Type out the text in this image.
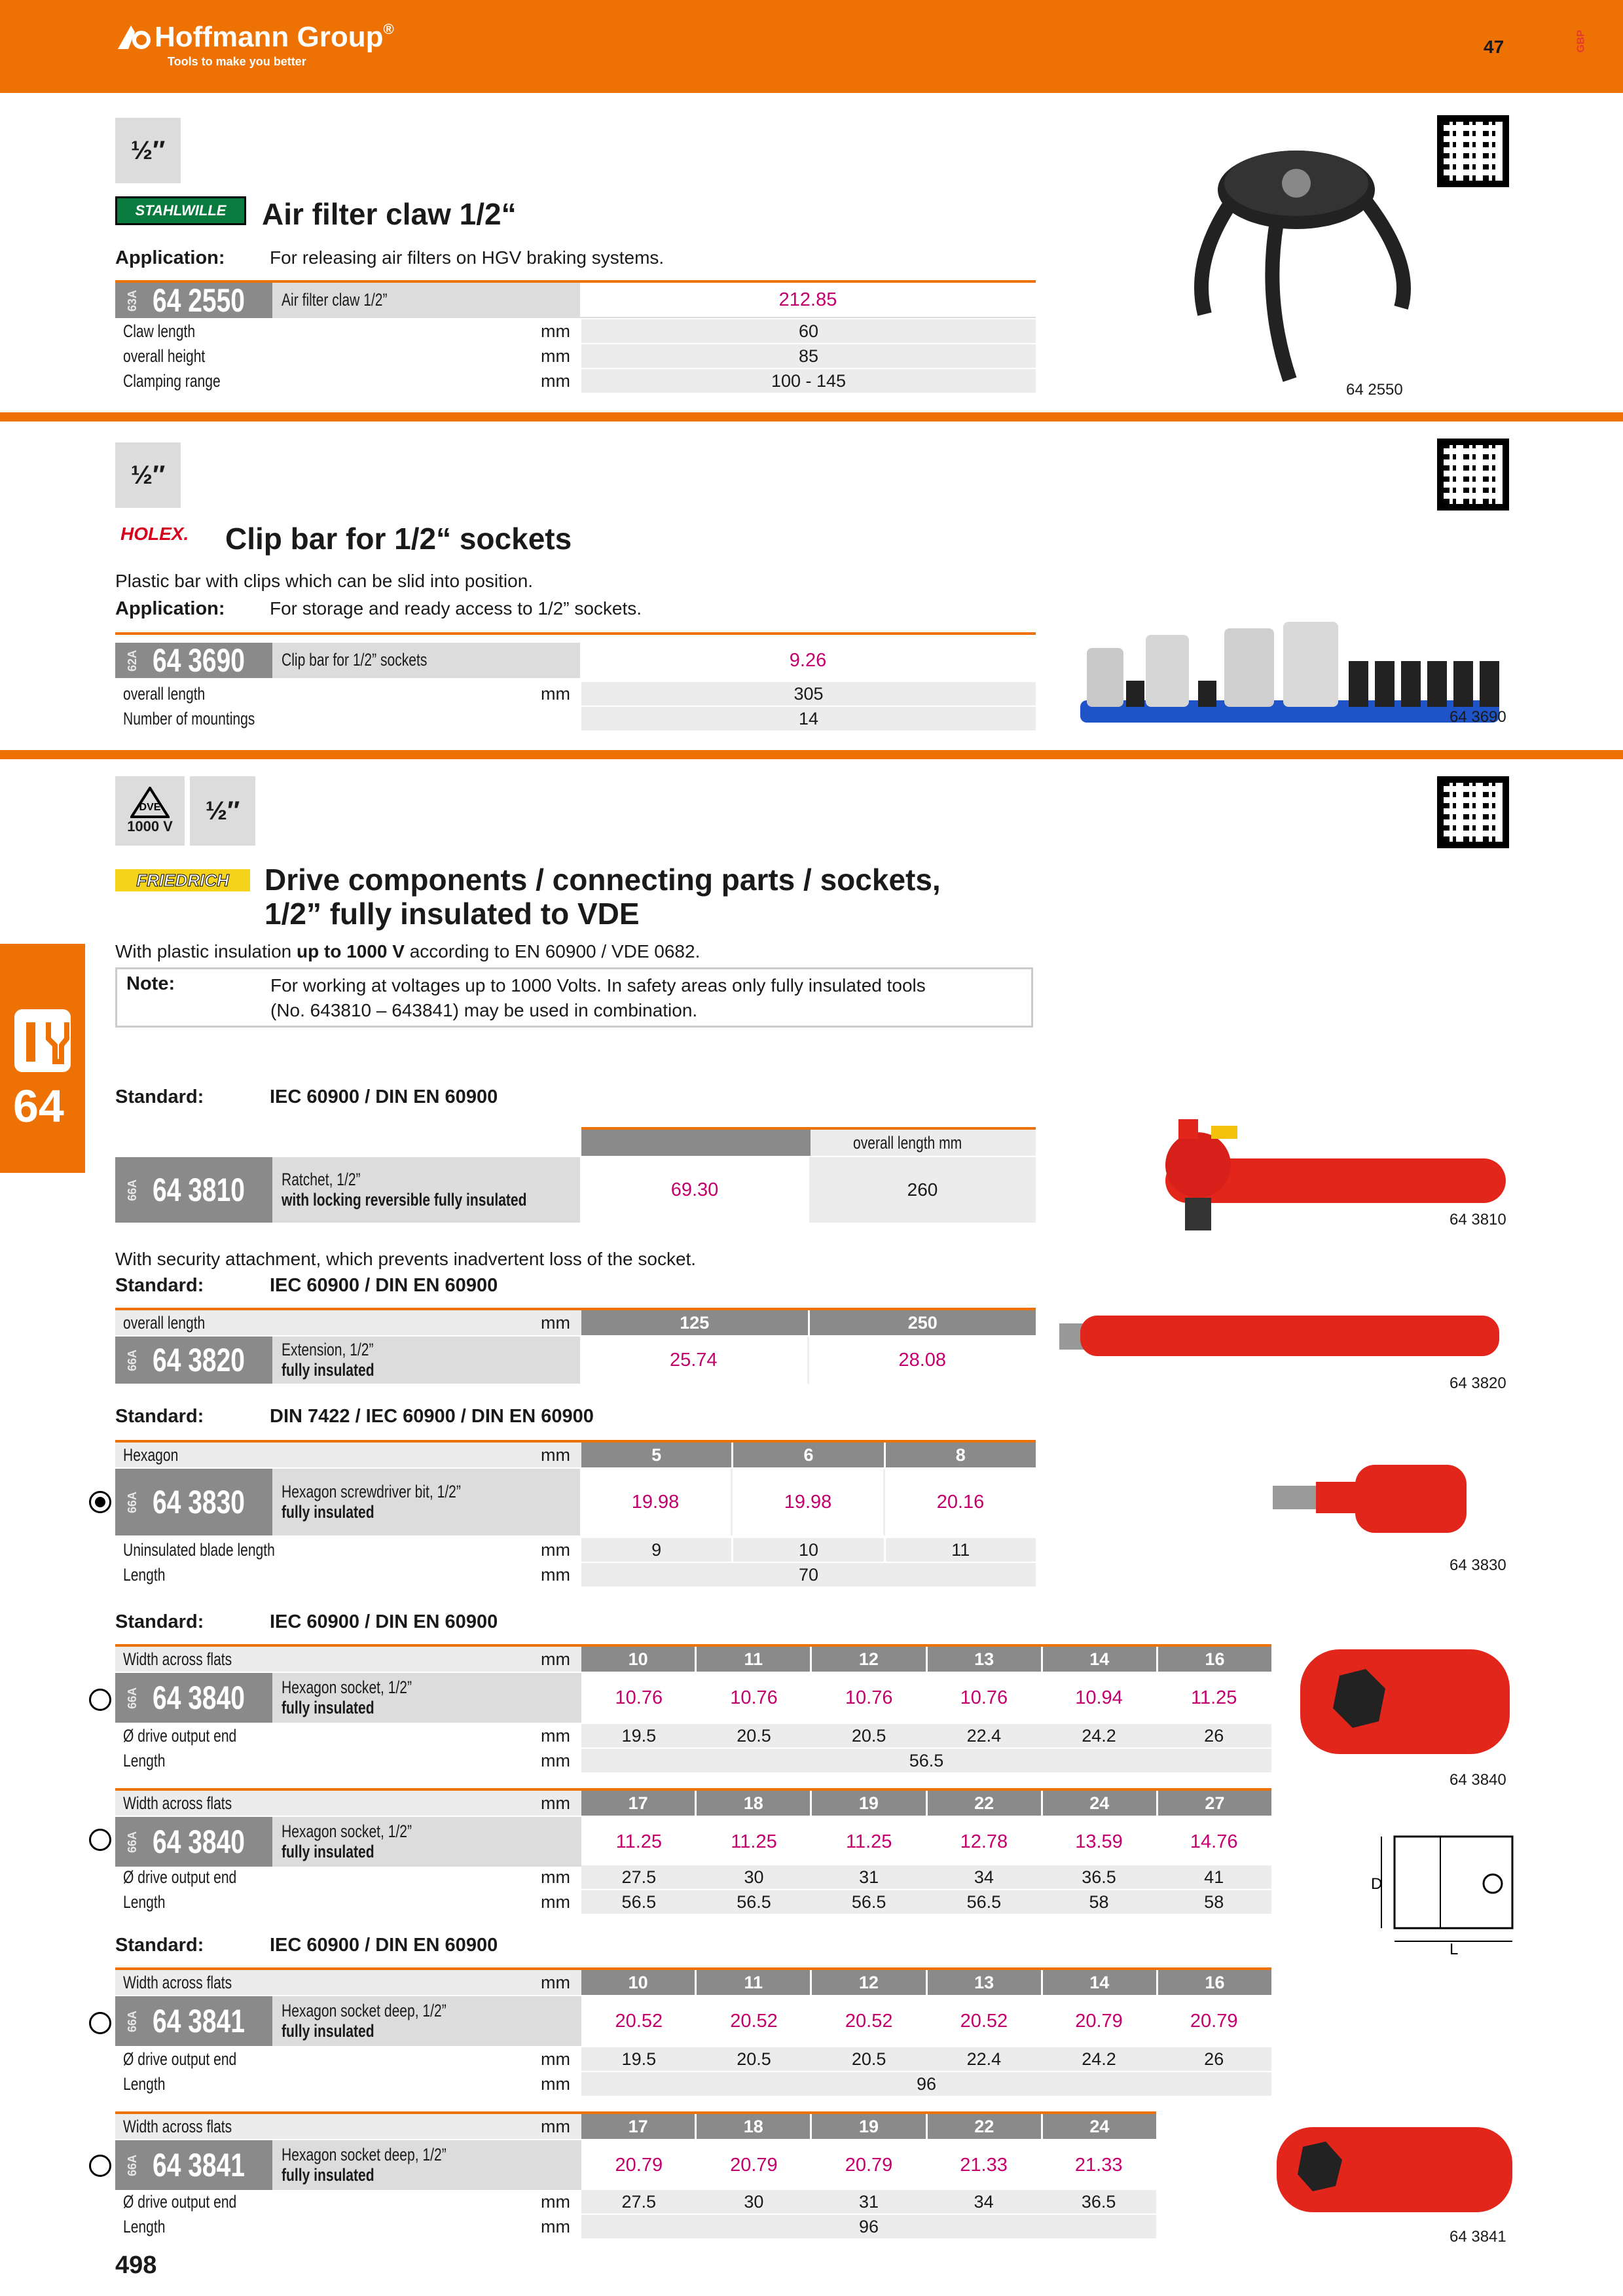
Hoffmann Group®
Tools to make you better
47	GBP
½″
STAHLWILLE Air filter claw 1/2“
Application: For releasing air filters on HGV braking systems.
63A 64 2550 Air filter claw 1/2”	212.85
Claw length	mm	60
overall height	mm	85
Clamping range	mm	100 - 145	64 2550
½″
HOLEX. Clip bar for 1/2“ sockets
Plastic bar with clips which can be slid into position.
Application: For storage and ready access to 1/2” sockets.
62A 64 3690 Clip bar for 1/2” sockets	9.26
overall length	mm	305
Number of mountings	14	64 3690
DVE
1000 V
½″
FRIEDRICH Drive components / connecting parts / sockets,
1/2” fully insulated to VDE
With plastic insulation up to 1000 V according to EN 60900 / VDE 0682.
Note:	For working at voltages up to 1000 Volts. In safety areas only fully insulated tools
(No. 643810 – 643841) may be used in combination.
64	Standard:	IEC 60900 / DIN EN 60900
overall length mm
66A 64 3810 Ratchet, 1/2”
with locking reversible fully insulated	69.30	260
64 3810
With security attachment, which prevents inadvertent loss of the socket.
Standard:	IEC 60900 / DIN EN 60900
overall length	mm	125	250
66A 64 3820 Extension, 1/2”
fully insulated	25.74	28.08
64 3820
Standard:	DIN 7422 / IEC 60900 / DIN EN 60900
Hexagon	mm	5	6	8
66A 64 3830 Hexagon screwdriver bit, 1/2”
fully insulated	19.98	19.98	20.16
Uninsulated blade length	mm	9	10	11
Length	mm	70	64 3830
Standard:	IEC 60900 / DIN EN 60900
Width across flats	mm	10	11	12	13	14	16
66A 64 3840 Hexagon socket, 1/2”
fully insulated	10.76	10.76	10.76	10.76	10.94	11.25
Ø drive output end	mm	19.5	20.5	20.5	22.4	24.2	26
Length	mm	56.5
64 3840
Width across flats	mm	17	18	19	22	24	27
66A 64 3840 Hexagon socket, 1/2”
fully insulated	11.25	11.25	11.25	12.78	13.59	14.76
Ø drive output end	mm	27.5	30	31	34	36.5	41
Length	mm	56.5	56.5	56.5	56.5	58	58
D
L
Standard:	IEC 60900 / DIN EN 60900
Width across flats	mm	10	11	12	13	14	16
66A 64 3841 Hexagon socket deep, 1/2”
fully insulated	20.52	20.52	20.52	20.52	20.79	20.79
Ø drive output end	mm	19.5	20.5	20.5	22.4	24.2	26
Length	mm	96
Width across flats	mm	17	18	19	22	24
66A 64 3841 Hexagon socket deep, 1/2”
fully insulated	20.79	20.79	20.79	21.33	21.33
Ø drive output end	mm	27.5	30	31	34	36.5
Length	mm	96
64 3841
498
